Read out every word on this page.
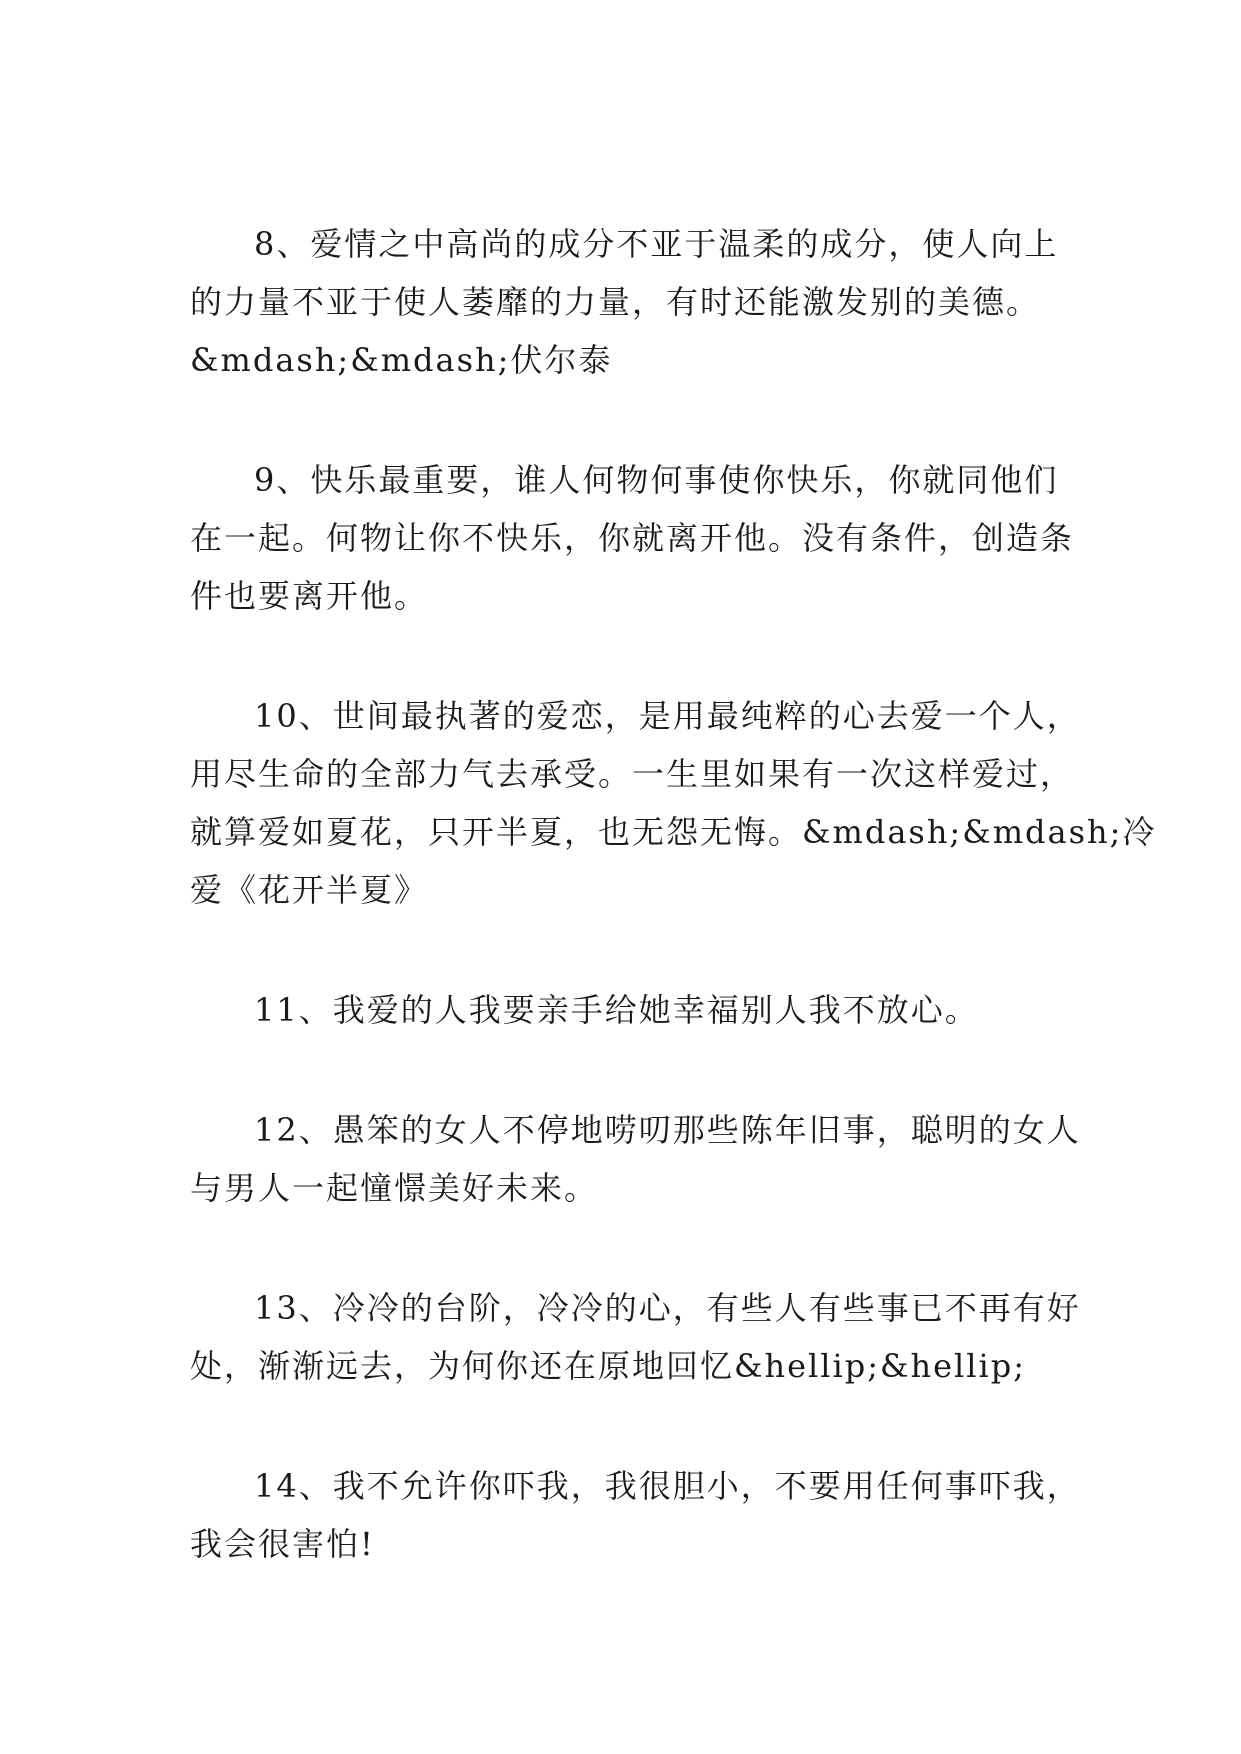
8、爱情之中高尚的成分不亚于温柔的成分，使人向上
的力量不亚于使人萎靡的力量，有时还能激发别的美德。
&mdash;&mdash;伏尔泰

9、快乐最重要，谁人何物何事使你快乐，你就同他们
在一起。何物让你不快乐，你就离开他。没有条件，创造条
件也要离开他。

10、世间最执著的爱恋，是用最纯粹的心去爱一个人，
用尽生命的全部力气去承受。一生里如果有一次这样爱过，
就算爱如夏花，只开半夏，也无怨无悔。&mdash;&mdash;冷
爱《花开半夏》

11、我爱的人我要亲手给她幸福别人我不放心。

12、愚笨的女人不停地唠叨那些陈年旧事，聪明的女人
与男人一起憧憬美好未来。

13、冷冷的台阶，冷冷的心，有些人有些事已不再有好
处，渐渐远去，为何你还在原地回忆&hellip;&hellip;

14、我不允许你吓我，我很胆小，不要用任何事吓我，
我会很害怕!
